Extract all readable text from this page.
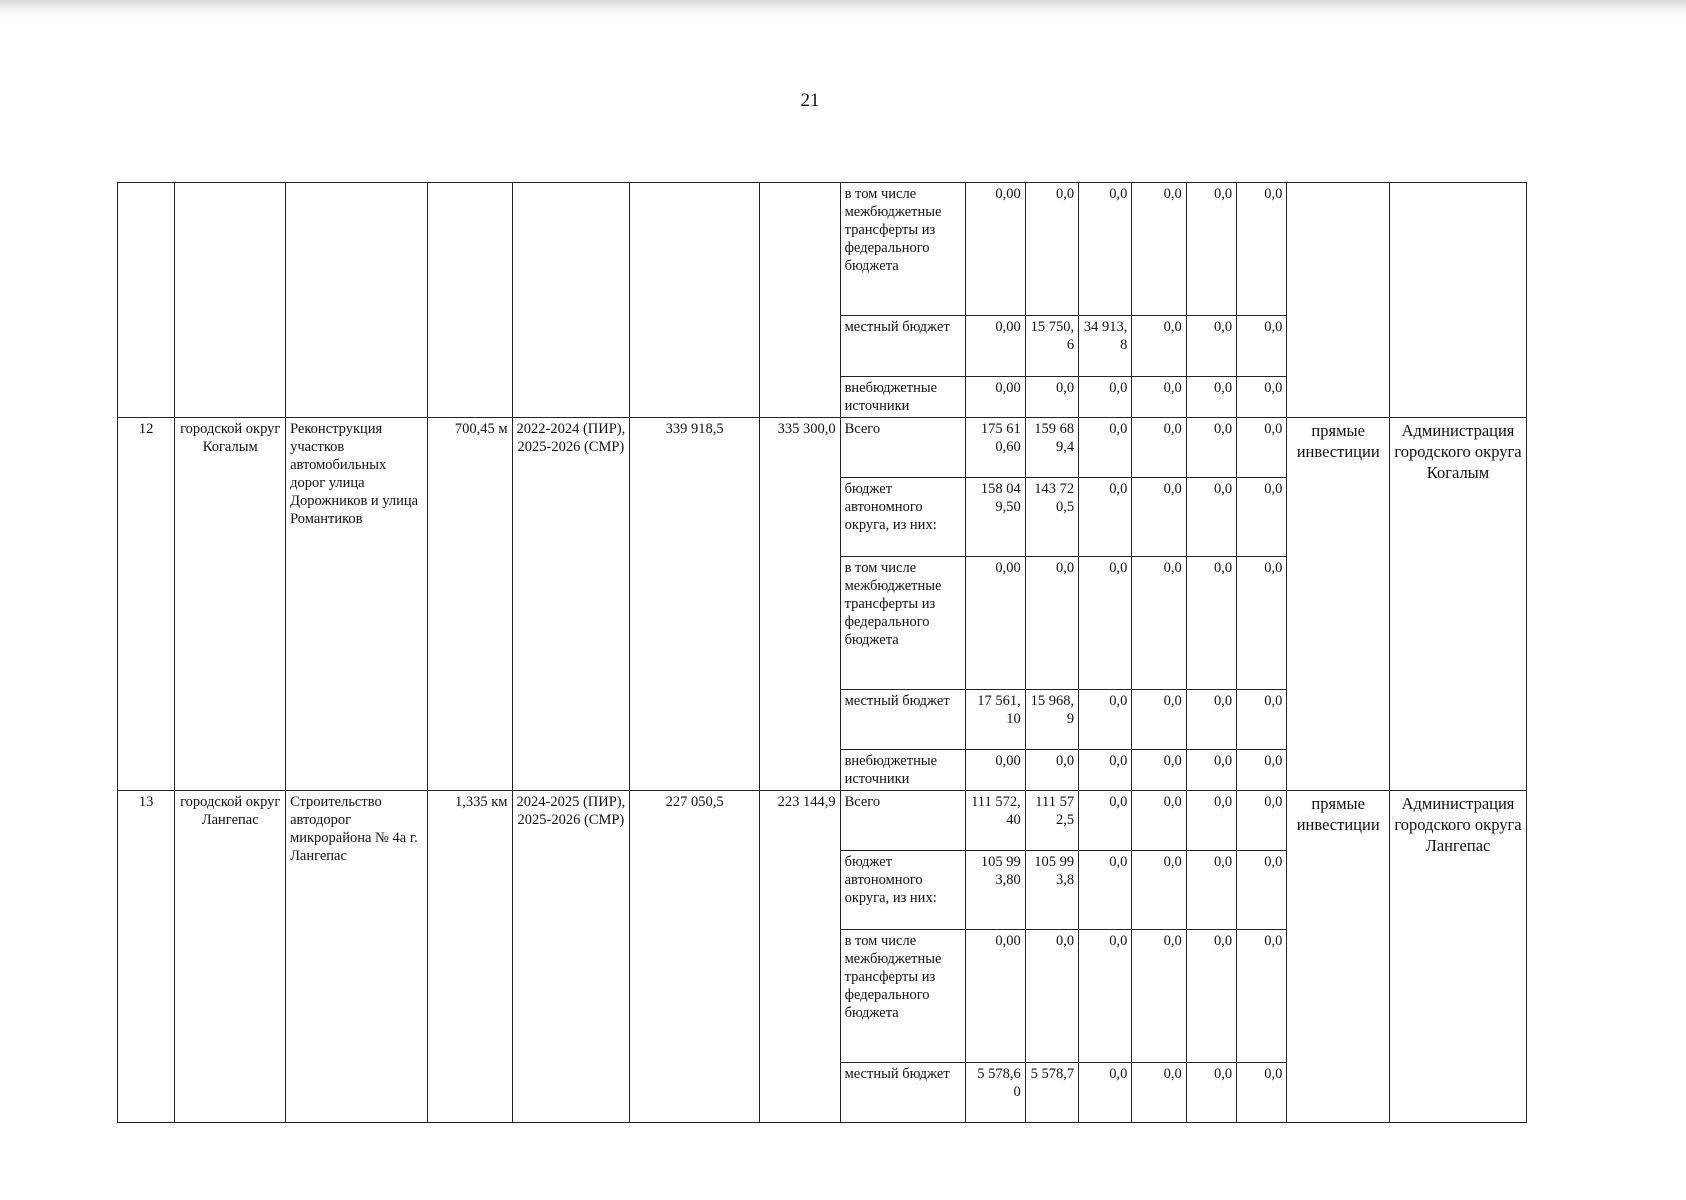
21
							в том числе межбюджетные трансферты из федерального бюджета	0,00	0,0	0,0	0,0	0,0	0,0		
							местный бюджет	0,00	15 750,6	34 913,8	0,0	0,0	0,0		
							внебюджетные источники	0,00	0,0	0,0	0,0	0,0	0,0		
12	городской округ Когалым	Реконструкция участков автомобильных дорог улица Дорожников и улица Романтиков	700,45 м	2022-2024 (ПИР), 2025-2026 (СМР)	339 918,5	335 300,0	Всего	175 610,60	159 689,4	0,0	0,0	0,0	0,0	прямые инвестиции	Администрация городского округа Когалым
							бюджет автономного округа, из них:	158 049,50	143 720,5	0,0	0,0	0,0	0,0		
							в том числе межбюджетные трансферты из федерального бюджета	0,00	0,0	0,0	0,0	0,0	0,0		
							местный бюджет	17 561,10	15 968,9	0,0	0,0	0,0	0,0		
							внебюджетные источники	0,00	0,0	0,0	0,0	0,0	0,0		
13	городской округ Лангепас	Строительство автодорог микрорайона № 4а г. Лангепас	1,335 км	2024-2025 (ПИР), 2025-2026 (СМР)	227 050,5	223 144,9	Всего	111 572,40	111 572,5	0,0	0,0	0,0	0,0	прямые инвестиции	Администрация городского округа Лангепас
							бюджет автономного округа, из них:	105 993,80	105 993,8	0,0	0,0	0,0	0,0		
							в том числе межбюджетные трансферты из федерального бюджета	0,00	0,0	0,0	0,0	0,0	0,0		
							местный бюджет	5 578,60	5 578,7	0,0	0,0	0,0	0,0		
